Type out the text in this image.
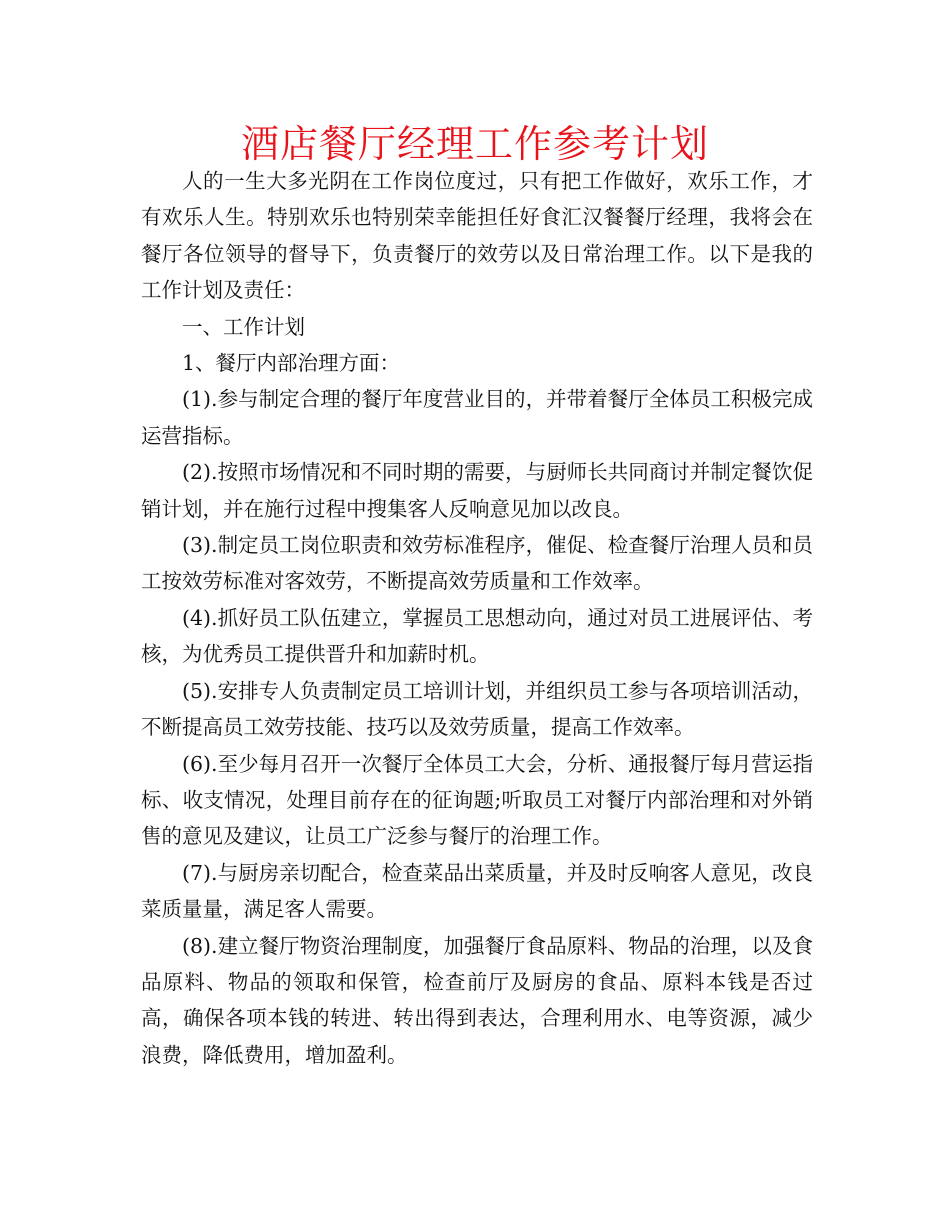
酒店餐厅经理工作参考计划

人的一生大多光阴在工作岗位度过，只有把工作做好，欢乐工作，才有欢乐人生。特别欢乐也特别荣幸能担任好食汇汉餐餐厅经理，我将会在餐厅各位领导的督导下，负责餐厅的效劳以及日常治理工作。以下是我的工作计划及责任：

一、工作计划

1、餐厅内部治理方面：

(1).参与制定合理的餐厅年度营业目的，并带着餐厅全体员工积极完成运营指标。

(2).按照市场情况和不同时期的需要，与厨师长共同商讨并制定餐饮促销计划，并在施行过程中搜集客人反响意见加以改良。

(3).制定员工岗位职责和效劳标准程序，催促、检查餐厅治理人员和员工按效劳标准对客效劳，不断提高效劳质量和工作效率。

(4).抓好员工队伍建立，掌握员工思想动向，通过对员工进展评估、考核，为优秀员工提供晋升和加薪时机。

(5).安排专人负责制定员工培训计划，并组织员工参与各项培训活动，不断提高员工效劳技能、技巧以及效劳质量，提高工作效率。

(6).至少每月召开一次餐厅全体员工大会，分析、通报餐厅每月营运指标、收支情况，处理目前存在的征询题;听取员工对餐厅内部治理和对外销售的意见及建议，让员工广泛参与餐厅的治理工作。

(7).与厨房亲切配合，检查菜品出菜质量，并及时反响客人意见，改良菜质量量，满足客人需要。

(8).建立餐厅物资治理制度，加强餐厅食品原料、物品的治理，以及食品原料、物品的领取和保管，检查前厅及厨房的食品、原料本钱是否过高，确保各项本钱的转进、转出得到表达，合理利用水、电等资源，减少浪费，降低费用，增加盈利。
